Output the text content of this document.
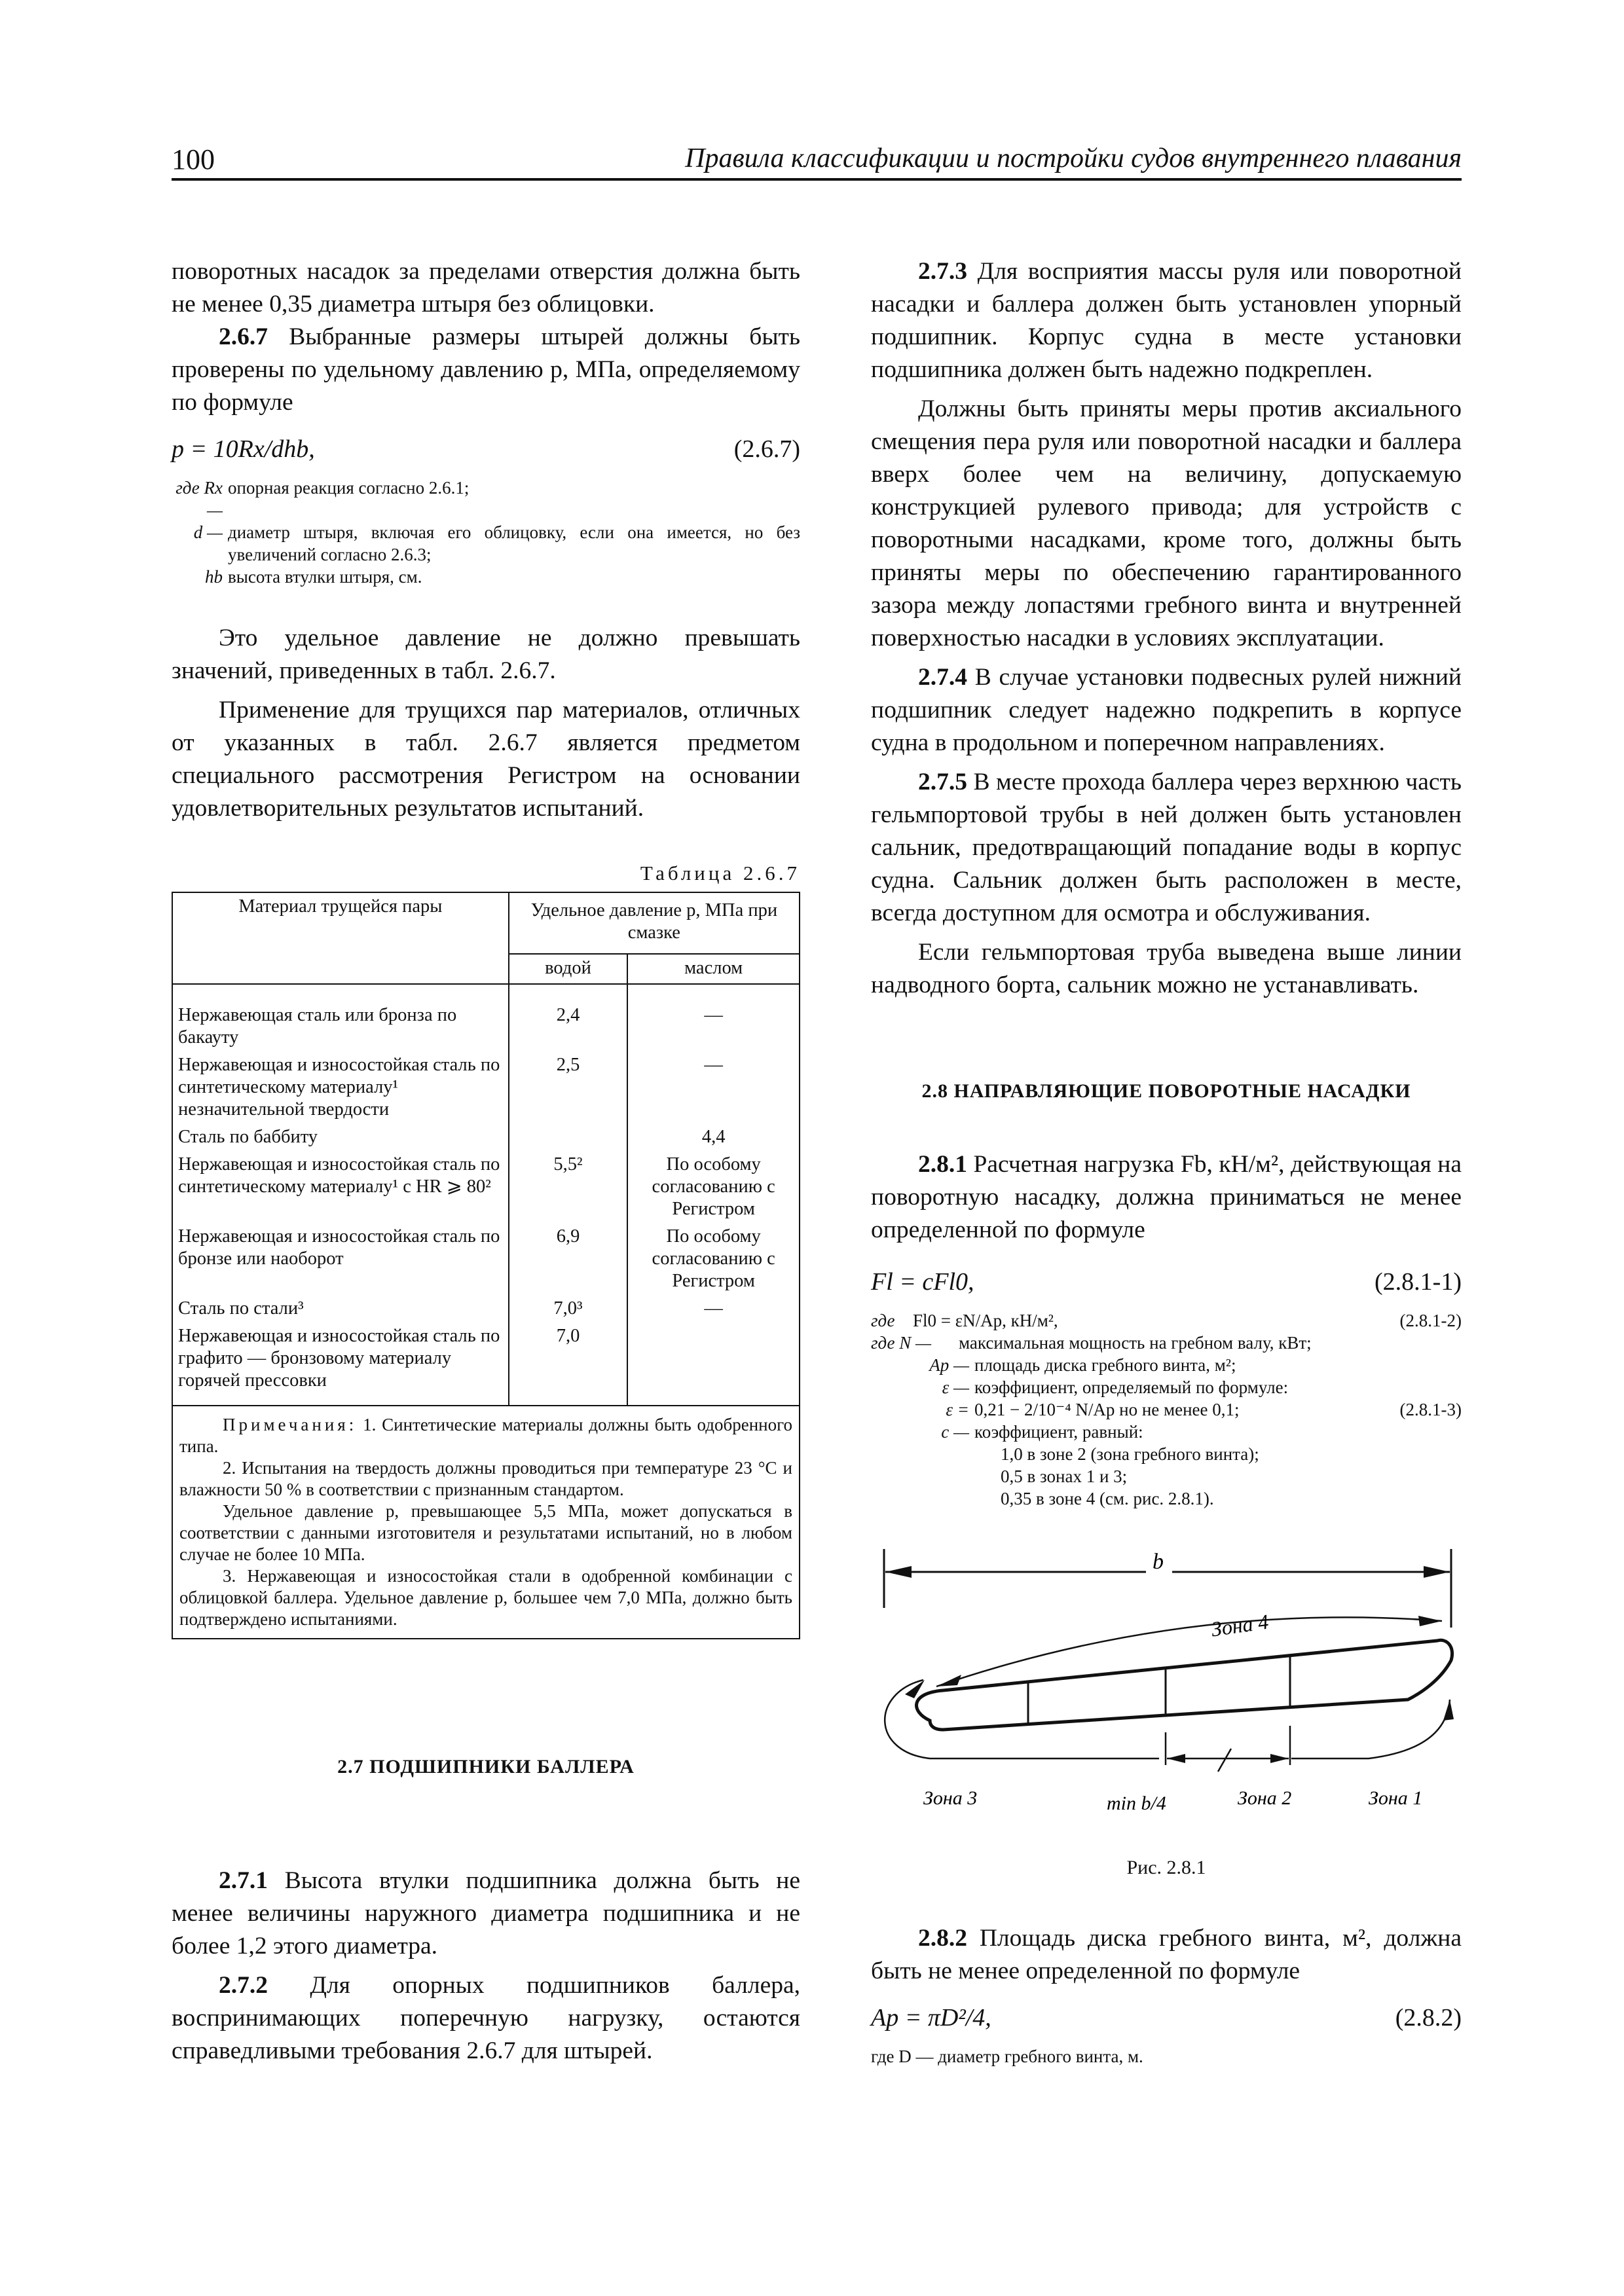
100	Правила классификации и постройки судов внутреннего плавания

поворотных насадок за пределами отверстия должна быть не менее 0,35 диаметра штыря без облицовки.

2.6.7 Выбранные размеры штырей должны быть проверены по удельному давлению p, МПа, определяемому по формуле

p = 10Rx/dhb,	(2.6.7)
где Rx —
опорная реакция согласно 2.6.1;
d — диаметр штыря, включая его облицовку, если она имеется, но без увеличений согласно 2.6.3;
hb высота втулки штыря, см.

Это удельное давление не должно превышать значений, приведенных в табл. 2.6.7.

Применение для трущихся пар материалов, отличных от указанных в табл. 2.6.7 является предметом специального рассмотрения Регистром на основании удовлетворительных результатов испытаний.

Таблица 2.6.7
Материал трущейся пары	Удельное давление p, МПа при смазке	
	водой	маслом

Нержавеющая сталь или бронза по бакауту	2,4	—
Нержавеющая и износостойкая сталь по синтетическому материалу¹ незначительной твердости	2,5	—
Сталь по баббиту		4,4
Нержавеющая и износостойкая сталь по синтетическому материалу¹ с HR ⩾ 80²	5,5²	По особому согласованию с Регистром
Нержавеющая и износостойкая сталь по бронзе или наоборот	6,9	По особому согласованию с Регистром
Сталь по стали³	7,0³	—
Нержавеющая и износостойкая сталь по графито — бронзовому материалу горячей прессовки	7,0	
Примечания: 1. Синтетические материалы должны быть одобренного типа.
2. Испытания на твердость должны проводиться при температуре 23 °С и влажности 50 % в соответствии с признанным стандартом.
Удельное давление p, превышающее 5,5 МПа, может допускаться в соответствии с данными изготовителя и результатами испытаний, но в любом случае не более 10 МПа.
3. Нержавеющая и износостойкая стали в одобренной комбинации с облицовкой баллера. Удельное давление p, большее чем 7,0 МПа, должно быть подтверждено испытаниями.
2.7 ПОДШИПНИКИ БАЛЛЕРА

2.7.1 Высота втулки подшипника должна быть не менее величины наружного диаметра подшипника и не более 1,2 этого диаметра.

2.7.2 Для опорных подшипников баллера, воспринимающих поперечную нагрузку, остаются справедливыми требования 2.6.7 для штырей.

2.7.3 Для восприятия массы руля или поворотной насадки и баллера должен быть установлен упорный подшипник. Корпус судна в месте установки подшипника должен быть надежно подкреплен.

Должны быть приняты меры против аксиального смещения пера руля или поворотной насадки и баллера вверх более чем на величину, допускаемую конструкцией рулевого привода; для устройств с поворотными насадками, кроме того, должны быть приняты меры по обеспечению гарантированного зазора между лопастями гребного винта и внутренней поверхностью насадки в условиях эксплуатации.

2.7.4 В случае установки подвесных рулей нижний подшипник следует надежно подкрепить в корпусе судна в продольном и поперечном направлениях.

2.7.5 В месте прохода баллера через верхнюю часть гельмпортовой трубы в ней должен быть установлен сальник, предотвращающий попадание воды в корпус судна. Сальник должен быть расположен в месте, всегда доступном для осмотра и обслуживания.

Если гельмпортовая труба выведена выше линии надводного борта, сальник можно не устанавливать.

2.8 НАПРАВЛЯЮЩИЕ ПОВОРОТНЫЕ НАСАДКИ

2.8.1 Расчетная нагрузка Fb, кН/м², действующая на поворотную насадку, должна приниматься не менее определенной по формуле

Fl = cFl0,	(2.8.1-1)
где	Fl0 = εN/Ap, кН/м²,	(2.8.1-2)
где N —	максимальная мощность на гребном валу, кВт;
Ap — площадь диска гребного винта, м²;
ε — коэффициент, определяемый по формуле:
ε = 0,21 − 2/10⁻⁴ N/Ap но не менее 0,1;	(2.8.1-3)
c — коэффициент, равный:
1,0 в зоне 2 (зона гребного винта);
0,5 в зонах 1 и 3;
0,35 в зоне 4 (см. рис. 2.8.1).
b
Зона 4
Зона 3	min b/4	Зона 2	Зона 1
Рис. 2.8.1

2.8.2 Площадь диска гребного винта, м², должна быть не менее определенной по формуле

Ap = πD²/4,	(2.8.2)
где D — диаметр гребного винта, м.
